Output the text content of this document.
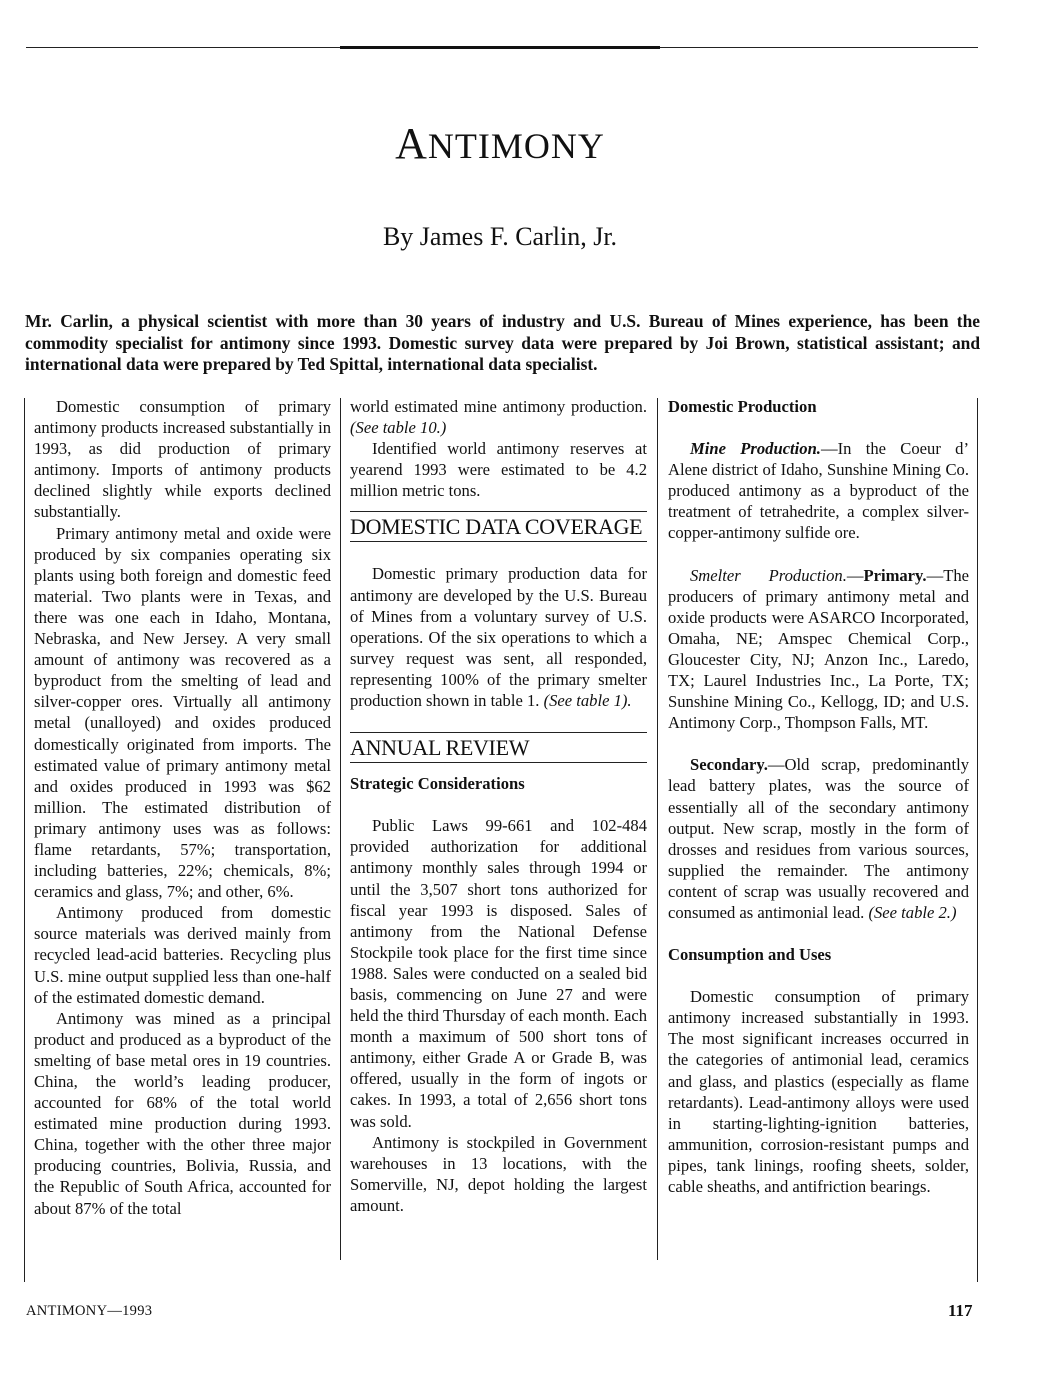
ANTIMONY
By James F. Carlin, Jr.
Mr. Carlin, a physical scientist with more than 30 years of industry and U.S. Bureau of Mines experience, has been the commodity specialist for antimony since 1993. Domestic survey data were prepared by Joi Brown, statistical assistant; and international data were prepared by Ted Spittal, international data specialist.

Domestic consumption of primary antimony products increased substantially in 1993, as did production of primary antimony. Imports of antimony products declined slightly while exports declined substantially.

Primary antimony metal and oxide were produced by six companies operating six plants using both foreign and domestic feed material. Two plants were in Texas, and there was one each in Idaho, Montana, Nebraska, and New Jersey. A very small amount of antimony was recovered as a byproduct from the smelting of lead and silver-copper ores. Virtually all antimony metal (unalloyed) and oxides produced domestically originated from imports. The estimated value of primary antimony metal and oxides produced in 1993 was $62 million. The estimated distribution of primary antimony uses was as follows: flame retardants, 57%; transportation, including batteries, 22%; chemicals, 8%; ceramics and glass, 7%; and other, 6%.

Antimony produced from domestic source materials was derived mainly from recycled lead-acid batteries. Recycling plus U.S. mine output supplied less than one-half of the estimated domestic demand.

Antimony was mined as a principal product and produced as a byproduct of the smelting of base metal ores in 19 countries. China, the world’s leading producer, accounted for 68% of the total world estimated mine production during 1993. China, together with the other three major producing countries, Bolivia, Russia, and the Republic of South Africa, accounted for about 87% of the total

world estimated mine antimony production. (See table 10.)

Identified world antimony reserves at yearend 1993 were estimated to be 4.2 million metric tons.

DOMESTIC DATA COVERAGE

Domestic primary production data for antimony are developed by the U.S. Bureau of Mines from a voluntary survey of U.S. operations. Of the six operations to which a survey request was sent, all responded, representing 100% of the primary smelter production shown in table 1. (See table 1).

ANNUAL REVIEW
Strategic Considerations

Public Laws 99-661 and 102-484 provided authorization for additional antimony monthly sales through 1994 or until the 3,507 short tons authorized for fiscal year 1993 is disposed. Sales of antimony from the National Defense Stockpile took place for the first time since 1988. Sales were conducted on a sealed bid basis, commencing on June 27 and were held the third Thursday of each month. Each month a maximum of 500 short tons of antimony, either Grade A or Grade B, was offered, usually in the form of ingots or cakes. In 1993, a total of 2,656 short tons was sold.

Antimony is stockpiled in Government warehouses in 13 locations, with the Somerville, NJ, depot holding the largest amount.

Domestic Production

Mine Production.—In the Coeur d’ Alene district of Idaho, Sunshine Mining Co. produced antimony as a byproduct of the treatment of tetrahedrite, a complex silver-copper-antimony sulfide ore.

Smelter Production.—Primary.—The producers of primary antimony metal and oxide products were ASARCO Incorporated, Omaha, NE; Amspec Chemical Corp., Gloucester City, NJ; Anzon Inc., Laredo, TX; Laurel Industries Inc., La Porte, TX; Sunshine Mining Co., Kellogg, ID; and U.S. Antimony Corp., Thompson Falls, MT.

Secondary.—Old scrap, predominantly lead battery plates, was the source of essentially all of the secondary antimony output. New scrap, mostly in the form of drosses and residues from various sources, supplied the remainder. The antimony content of scrap was usually recovered and consumed as antimonial lead. (See table 2.)

Consumption and Uses

Domestic consumption of primary antimony increased substantially in 1993. The most significant increases occurred in the categories of antimonial lead, ceramics and glass, and plastics (especially as flame retardants). Lead-antimony alloys were used in starting-lighting-ignition batteries, ammunition, corrosion-resistant pumps and pipes, tank linings, roofing sheets, solder, cable sheaths, and antifriction bearings.

ANTIMONY—1993	117
